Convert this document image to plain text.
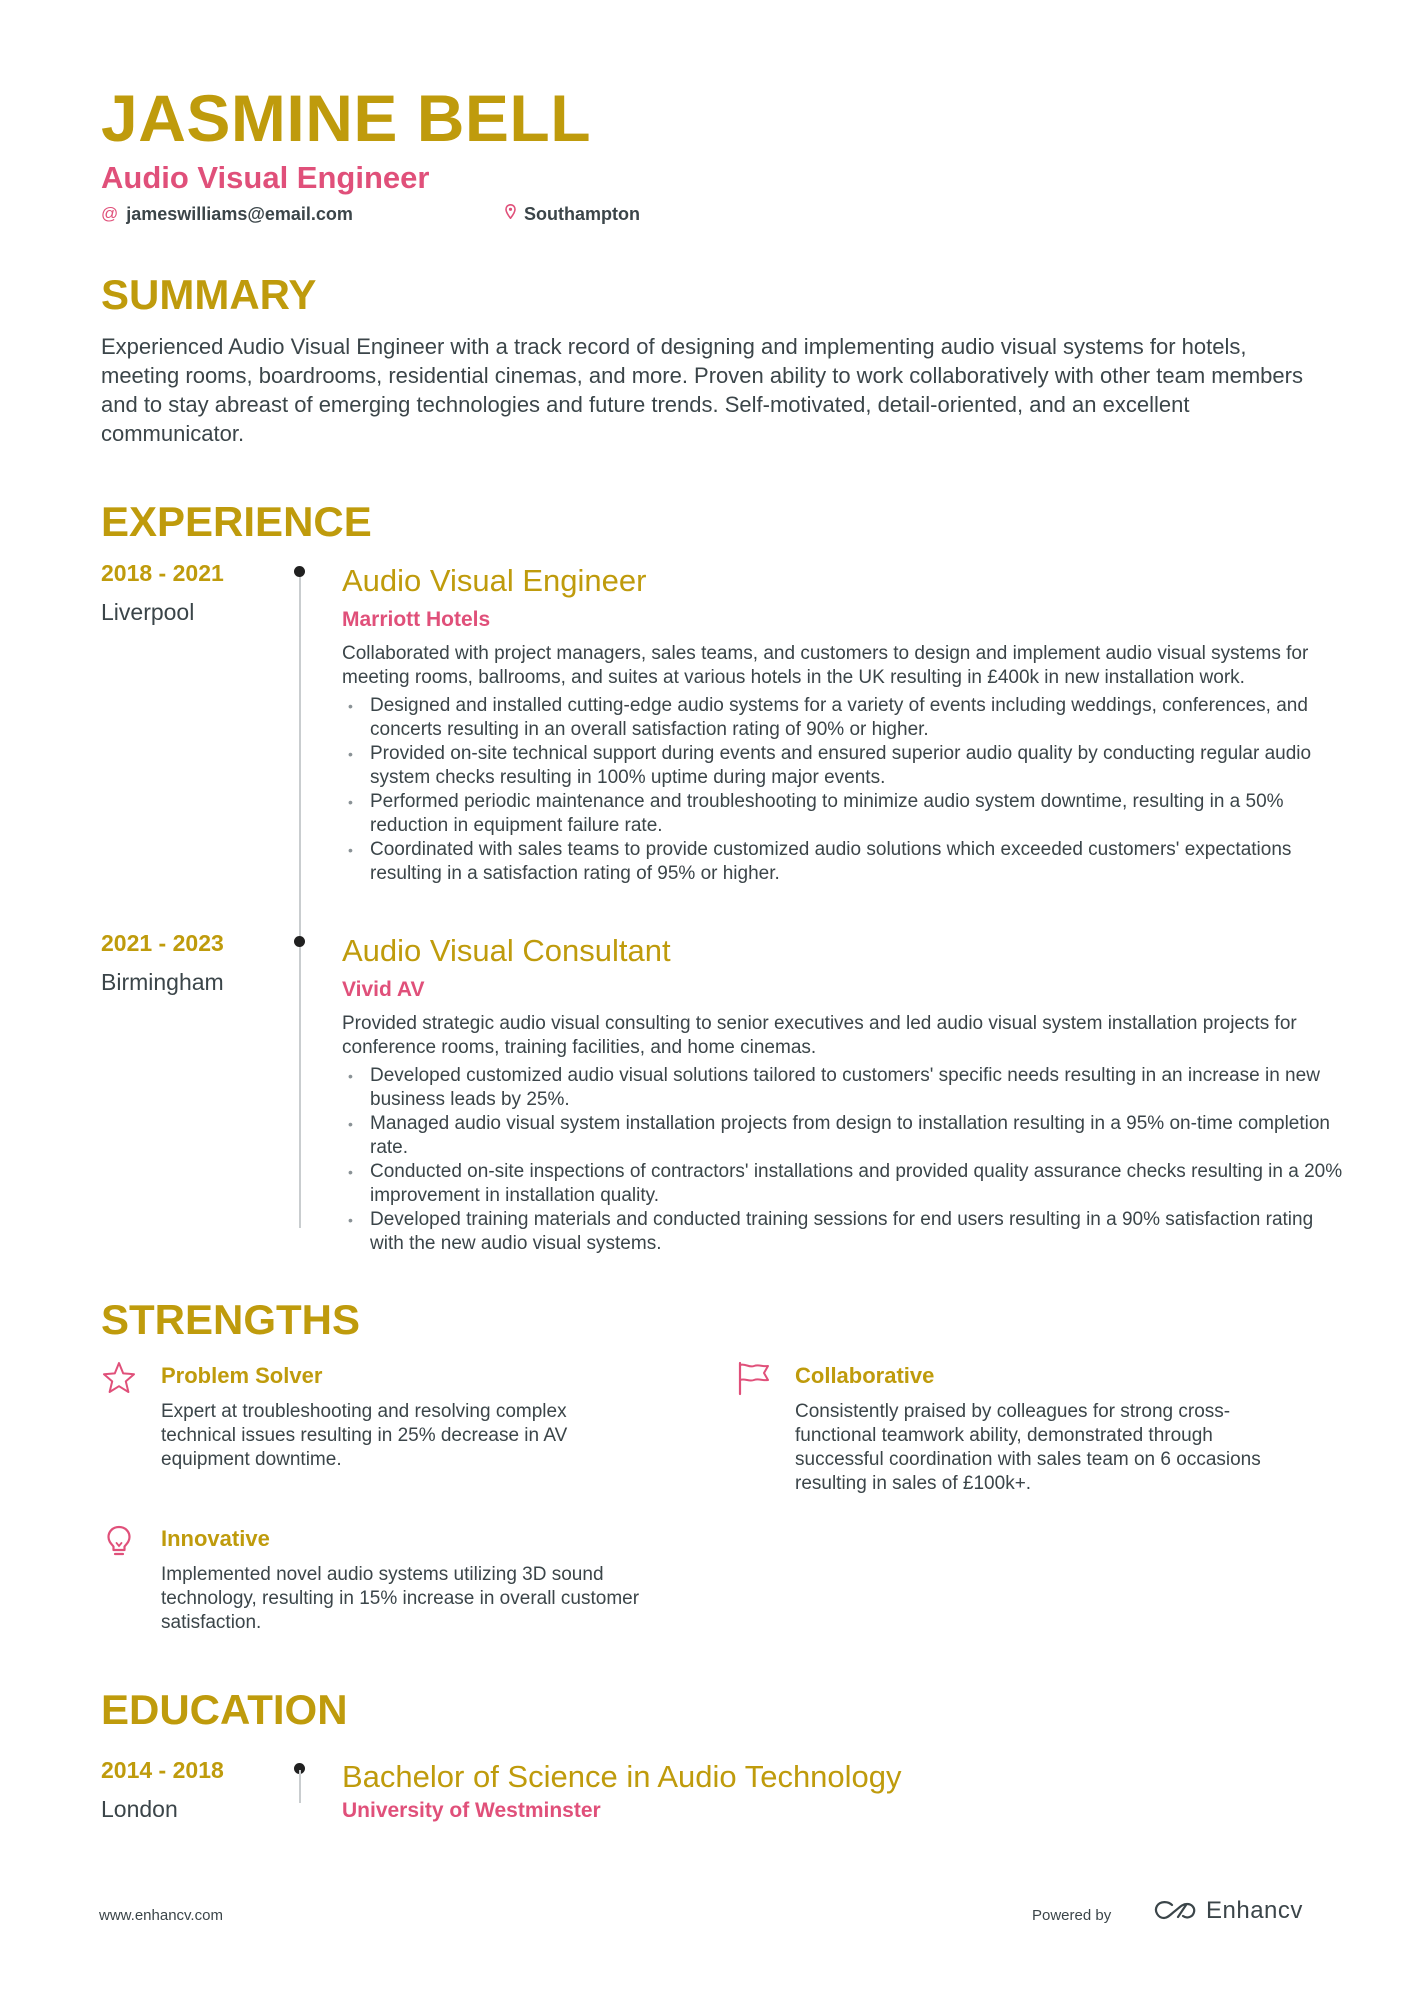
JASMINE BELL
Audio Visual Engineer
@ jameswilliams@email.com	Southampton
SUMMARY
Experienced Audio Visual Engineer with a track record of designing and implementing audio visual systems for hotels, meeting rooms, boardrooms, residential cinemas, and more. Proven ability to work collaboratively with other team members and to stay abreast of emerging technologies and future trends. Self-motivated, detail-oriented, and an excellent communicator.
EXPERIENCE
2018 - 2021
Liverpool
Audio Visual Engineer
Marriott Hotels
Collaborated with project managers, sales teams, and customers to design and implement audio visual systems for meeting rooms, ballrooms, and suites at various hotels in the UK resulting in £400k in new installation work.
• Designed and installed cutting-edge audio systems for a variety of events including weddings, conferences, and concerts resulting in an overall satisfaction rating of 90% or higher.
• Provided on-site technical support during events and ensured superior audio quality by conducting regular audio system checks resulting in 100% uptime during major events.
• Performed periodic maintenance and troubleshooting to minimize audio system downtime, resulting in a 50% reduction in equipment failure rate.
• Coordinated with sales teams to provide customized audio solutions which exceeded customers' expectations resulting in a satisfaction rating of 95% or higher.
2021 - 2023
Birmingham
Audio Visual Consultant
Vivid AV
Provided strategic audio visual consulting to senior executives and led audio visual system installation projects for conference rooms, training facilities, and home cinemas.
• Developed customized audio visual solutions tailored to customers' specific needs resulting in an increase in new business leads by 25%.
• Managed audio visual system installation projects from design to installation resulting in a 95% on-time completion rate.
• Conducted on-site inspections of contractors' installations and provided quality assurance checks resulting in a 20% improvement in installation quality.
• Developed training materials and conducted training sessions for end users resulting in a 90% satisfaction rating with the new audio visual systems.
STRENGTHS
Problem Solver
Expert at troubleshooting and resolving complex technical issues resulting in 25% decrease in AV equipment downtime.
Collaborative
Consistently praised by colleagues for strong cross-functional teamwork ability, demonstrated through successful coordination with sales team on 6 occasions resulting in sales of £100k+.
Innovative
Implemented novel audio systems utilizing 3D sound technology, resulting in 15% increase in overall customer satisfaction.
EDUCATION
2014 - 2018
London
Bachelor of Science in Audio Technology
University of Westminster
www.enhancv.com	Powered by	Enhancv
